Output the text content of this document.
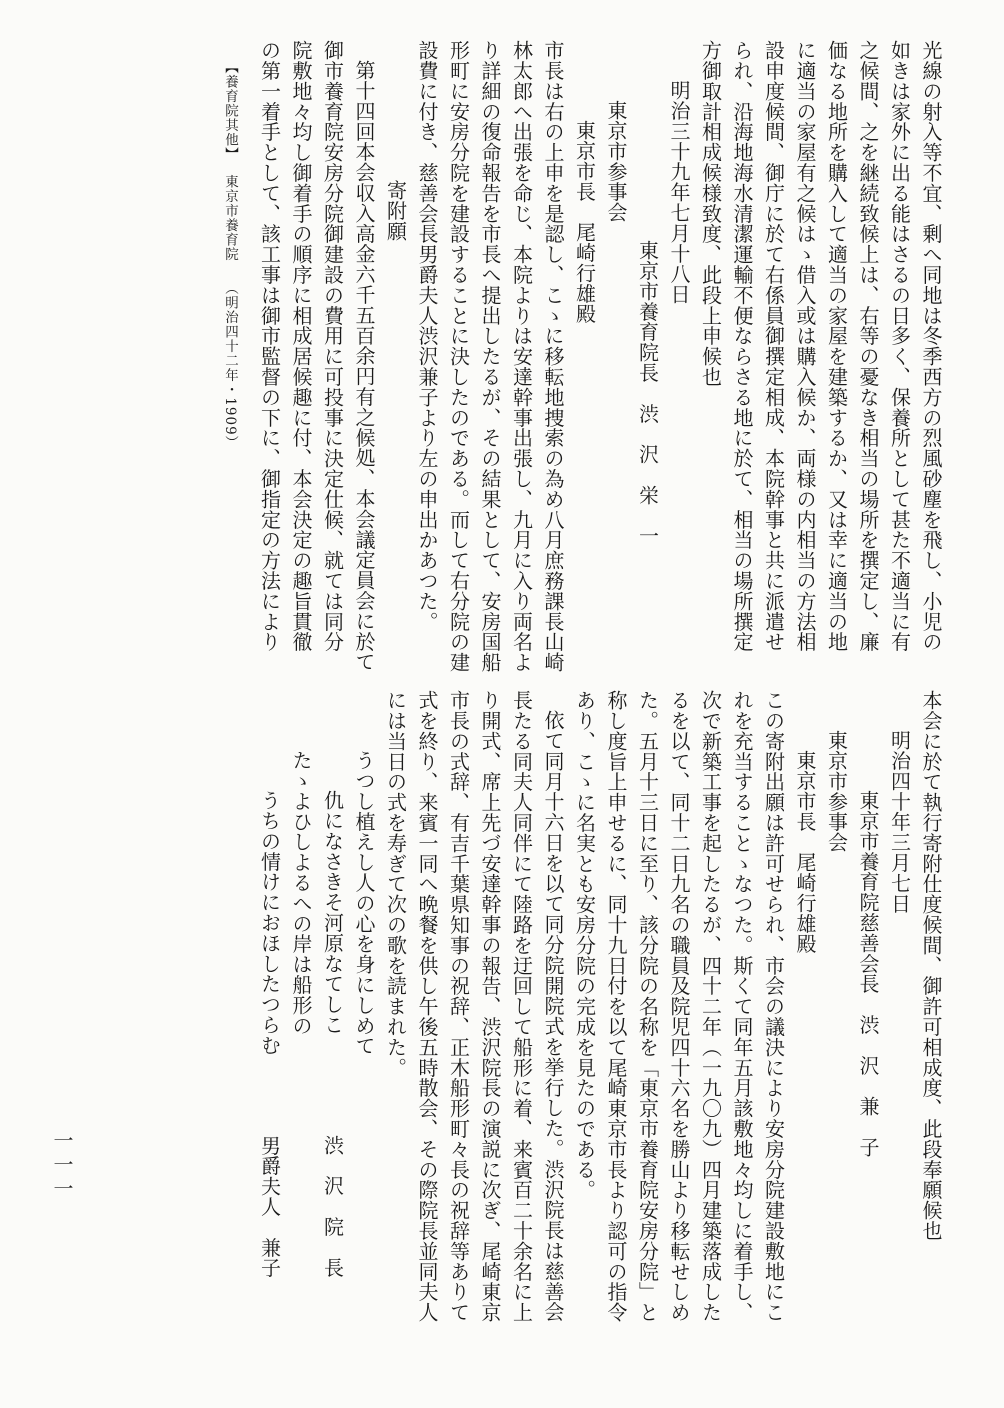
光線の射入等不宜、剰へ同地は冬季西方の烈風砂塵を飛し、小児の
如きは家外に出る能はさるの日多く、保養所として甚た不適当に有
之候間、之を継続致候上は、右等の憂なき相当の場所を撰定し、廉
価なる地所を購入して適当の家屋を建築するか、又は幸に適当の地
に適当の家屋有之候はゝ借入或は購入候か、両様の内相当の方法相
設申度候間、御庁に於て右係員御撰定相成、本院幹事と共に派遣せ
られ、沿海地海水清潔運輸不便ならさる地に於て、相当の場所撰定
方御取計相成候様致度、此段上申候也
明治三十九年七月十八日
東京市養育院長　渋　沢　栄　一
東京市参事会
東京市長　尾崎行雄殿
市長は右の上申を是認し、こゝに移転地捜索の為め八月庶務課長山崎
林太郎へ出張を命じ、本院よりは安達幹事出張し、九月に入り両名よ
り詳細の復命報告を市長へ提出したるが、その結果として、安房国船
形町に安房分院を建設することに決したのである。而して右分院の建
設費に付き、慈善会長男爵夫人渋沢兼子より左の申出かあつた。
寄附願
第十四回本会収入高金六千五百余円有之候処、本会議定員会に於て
御市養育院安房分院御建設の費用に可投事に決定仕候、就ては同分
院敷地々均し御着手の順序に相成居候趣に付、本会決定の趣旨貫徹
の第一着手として、該工事は御市監督の下に、御指定の方法により
【養育院其他】　 東京市養育院　 （明治四十二年・1909）
本会に於て執行寄附仕度候間、御許可相成度、此段奉願候也
明治四十年三月七日
東京市養育院慈善会長　渋　沢　兼　子
東京市参事会
東京市長　尾崎行雄殿
この寄附出願は許可せられ、市会の議決により安房分院建設敷地にこ
れを充当することゝなつた。斯くて同年五月該敷地々均しに着手し、
次で新築工事を起したるが、四十二年（一九〇九）四月建築落成した
るを以て、同十二日九名の職員及院児四十六名を勝山より移転せしめ
た。五月十三日に至り、該分院の名称を「東京市養育院安房分院」と
称し度旨上申せるに、同十九日付を以て尾崎東京市長より認可の指令
あり、こゝに名実とも安房分院の完成を見たのである。
依て同月十六日を以て同分院開院式を挙行した。渋沢院長は慈善会
長たる同夫人同伴にて陸路を迂回して船形に着、来賓百二十余名に上
り開式、席上先づ安達幹事の報告、渋沢院長の演説に次ぎ、尾崎東京
市長の式辞、有吉千葉県知事の祝辞、正木船形町々長の祝辞等ありて
式を終り、来賓一同へ晩餐を供し午後五時散会、その際院長並同夫人
には当日の式を寿ぎて次の歌を読まれた。
うつし植えし人の心を身にしめて
仇になさきそ河原なてしこ渋　沢　院　長
たゝよひしよるへの岸は船形の
うちの情けにおほしたつらむ男爵夫人　兼子
一一一
